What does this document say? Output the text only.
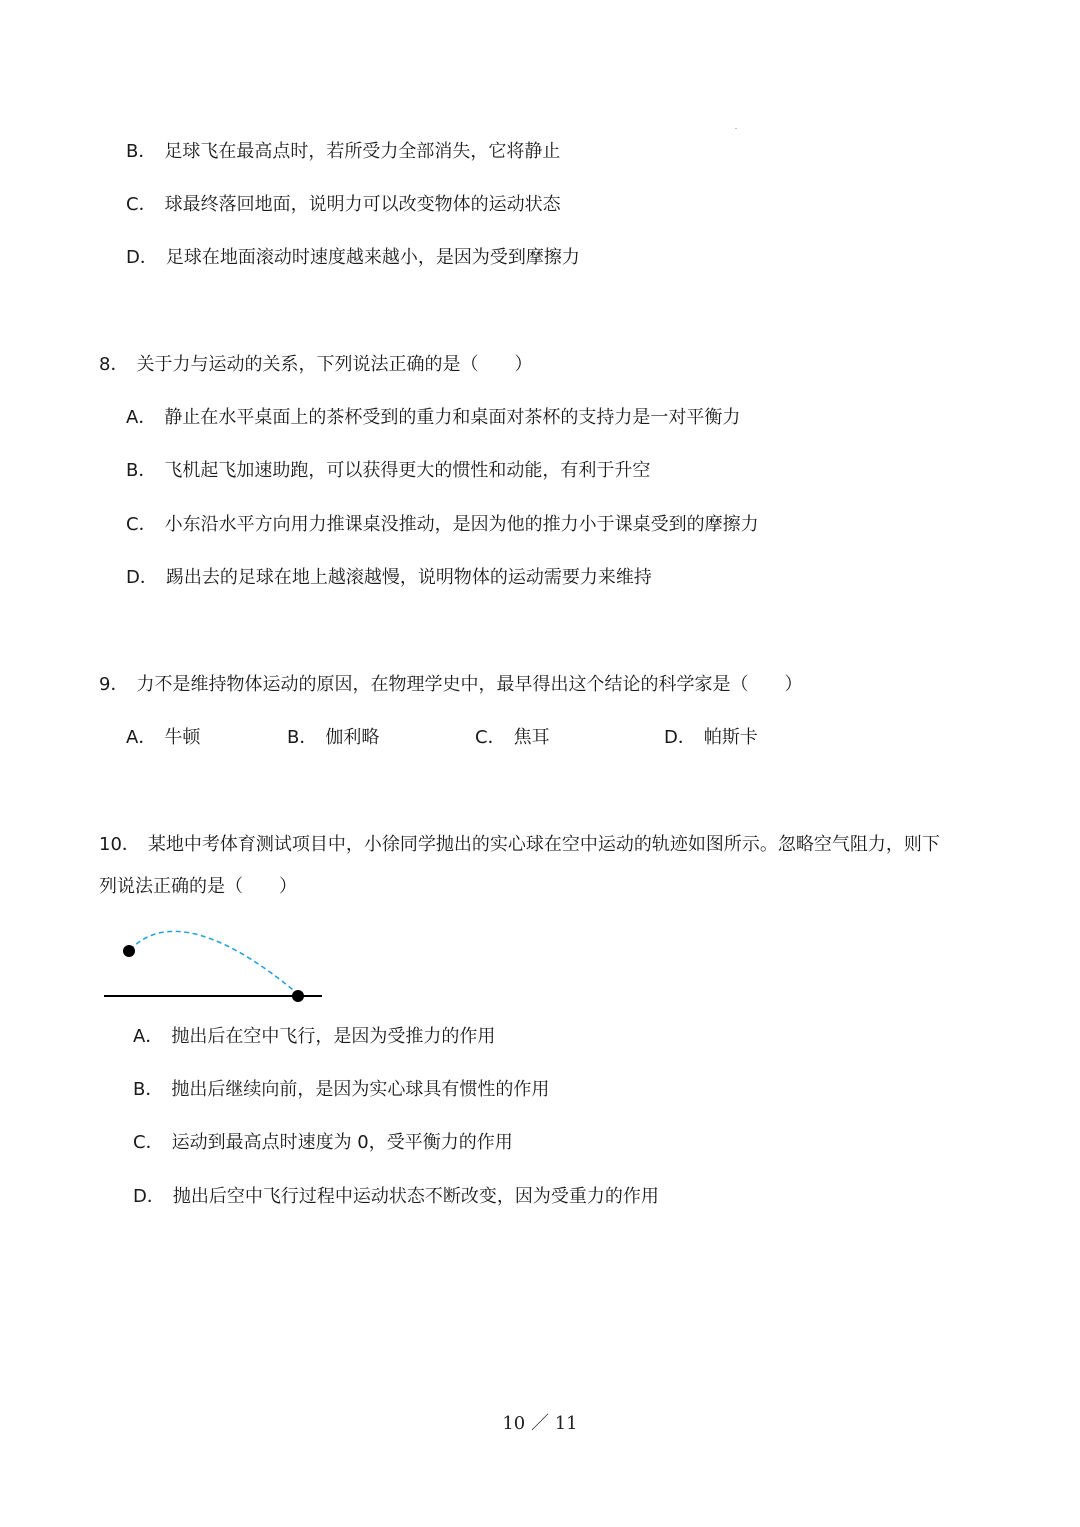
B． 足球飞在最高点时，若所受力全部消失，它将静止
C． 球最终落回地面，说明力可以改变物体的运动状态
D． 足球在地面滚动时速度越来越小，是因为受到摩擦力
8． 关于力与运动的关系，下列说法正确的是（　　）
A． 静止在水平桌面上的茶杯受到的重力和桌面对茶杯的支持力是一对平衡力
B． 飞机起飞加速助跑，可以获得更大的惯性和动能，有利于升空
C． 小东沿水平方向用力推课桌没推动，是因为他的推力小于课桌受到的摩擦力
D． 踢出去的足球在地上越滚越慢，说明物体的运动需要力来维持
9． 力不是维持物体运动的原因，在物理学史中，最早得出这个结论的科学家是（　　）
A． 牛顿	B． 伽利略	C． 焦耳	D． 帕斯卡
10． 某地中考体育测试项目中，小徐同学抛出的实心球在空中运动的轨迹如图所示。忽略空气阻力，则下
列说法正确的是（　　）
A． 抛出后在空中飞行，是因为受推力的作用
B． 抛出后继续向前，是因为实心球具有惯性的作用
C． 运动到最高点时速度为 0，受平衡力的作用
D． 抛出后空中飞行过程中运动状态不断改变，因为受重力的作用
10 ／ 11
